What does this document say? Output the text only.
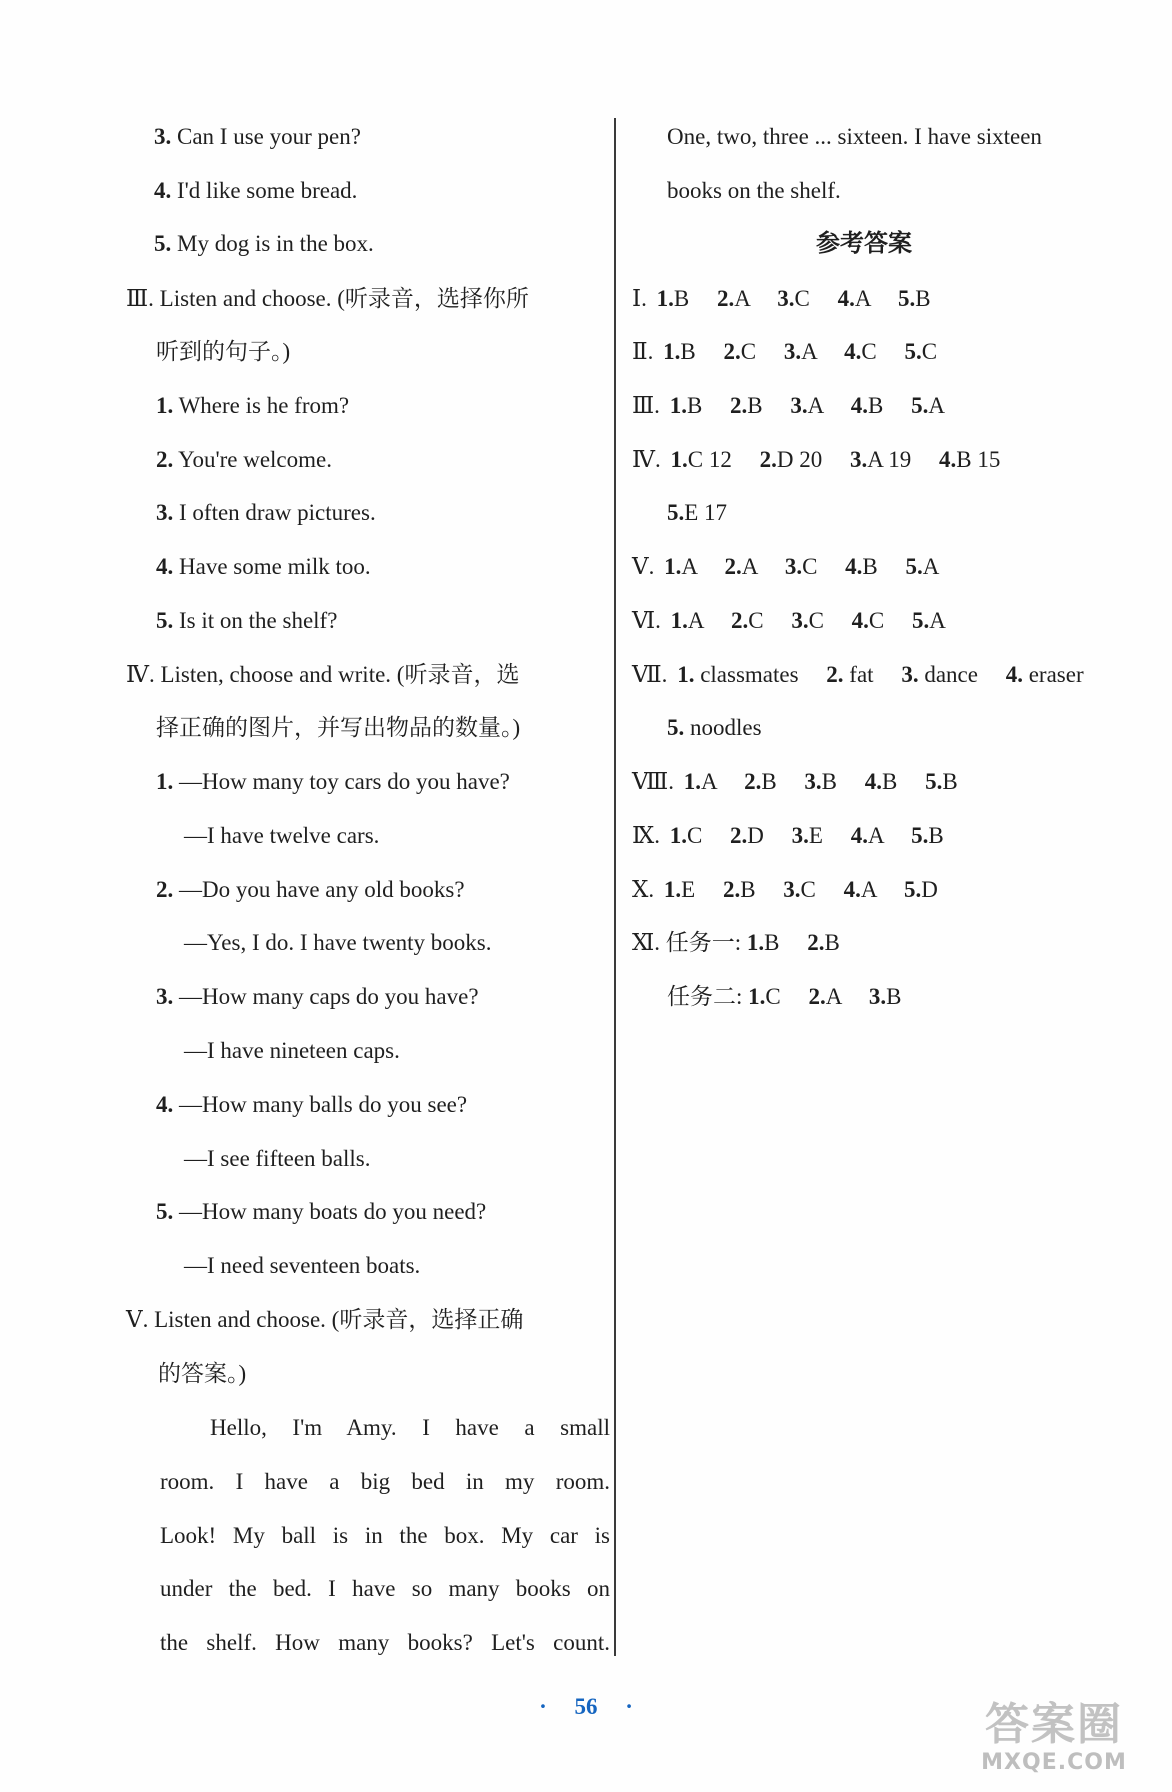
3. Can I use your pen?
4. I'd like some bread.
5. My dog is in the box.
Ⅲ. Listen and choose. (听录音，选择你所
听到的句子。)
1. Where is he from?
2. You're welcome.
3. I often draw pictures.
4. Have some milk too.
5. Is it on the shelf?
Ⅳ. Listen, choose and write. (听录音，选
择正确的图片，并写出物品的数量。)
1. —How many toy cars do you have?
—I have twelve cars.
2. —Do you have any old books?
—Yes, I do. I have twenty books.
3. —How many caps do you have?
—I have nineteen caps.
4. —How many balls do you see?
—I see fifteen balls.
5. —How many boats do you need?
—I need seventeen boats.
Ⅴ. Listen and choose. (听录音，选择正确
的答案。)
Hello, I'm Amy. I have a small
room. I have a big bed in my room.
Look! My ball is in the box. My car is
under the bed. I have so many books on
the shelf. How many books? Let's count.
One, two, three ... sixteen. I have sixteen
books on the shelf.
参考答案
Ⅰ. 1.B 2.A 3.C 4.A 5.B
Ⅱ. 1.B 2.C 3.A 4.C 5.C
Ⅲ. 1.B 2.B 3.A 4.B 5.A
Ⅳ. 1.C 12 2.D 20 3.A 19 4.B 15
5.E 17
Ⅴ. 1.A 2.A 3.C 4.B 5.A
Ⅵ. 1.A 2.C 3.C 4.C 5.A
Ⅶ. 1. classmates 2. fat 3. dance 4. eraser
5. noodles
Ⅷ. 1.A 2.B 3.B 4.B 5.B
Ⅸ. 1.C 2.D 3.E 4.A 5.B
Ⅹ. 1.E 2.B 3.C 4.A 5.D
Ⅺ. 任务一: 1.B 2.B
任务二: 1.C 2.A 3.B
· 56 ·	答案圈
MXQE.COM
